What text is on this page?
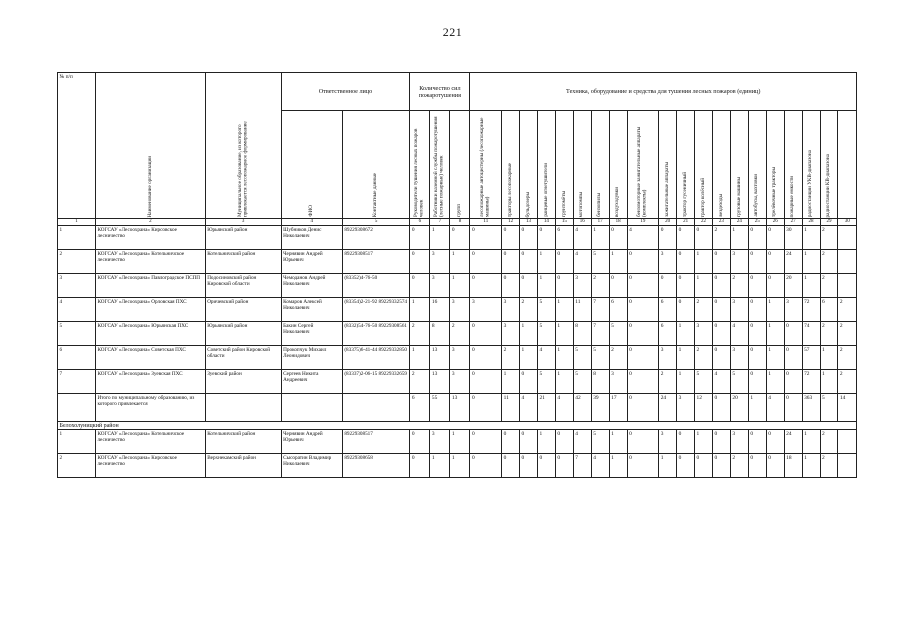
221
№ п/п	Наименование организации	Муниципальное образование, из которого привлекается лесопожарное формирование	Ответственное лицо		Количество сил пожаротушения			Техника, оборудование и средства для тушения лесных пожаров (единиц)																			

			ФИО	Контактные данные	Руководители тушения лесных пожаров человек	Работники наземной службы пожаротушения (лесные пожарные) человек	групп	лесопожарные автоцистерны (лесопожарные машины)	тракторы лесопожарные	бульдозеры	ранцевые огнетушители	грунтомёты	мотопомпы	бензопилы	воздуходувки	бензомоторные зажигательные аппараты (комплекты)	зажигательные аппараты	трактор гусеничный	трактор колёсный	вездеходы	грузовые машины	автобусы, вахтовки	трелёвочные тракторы	пожарные емкости	радиостанции УКВ-диапазона	радиостанции КВ-диапазона	

1	2	3	4	5	6	7	8	11	12	13	14	15	16	17	18	19	20	21	22	23	24	25	26	27	28	29	30
1	КОГСАУ «Лесоохрана» Кирсовское лесничество	Юрьянский район	Шубников Денис Николаевич	89229308672	0	1	0	0	0	0	0	6	4	1	0	4	0	0	0	2	1	0	0	30	1	2	
2	КОГСАУ «Лесоохрана» Котельничское лесничество	Котельничский район	Чернявин Андрей Юрьевич	89229308517	0	3	1	0	0	0	1	0	4	5	1	0	3	0	1	0	3	0	0	24	1	2	
3	КОГСАУ «Лесоохрана» Павлоградское ПСПП	Подосиновский район Кировской области	Чемоданов Андрей Николаевич	(83352)4-76-50	0	3	1	0	0	0	1	0	3	2	0	0	0	0	1	0	2	0	0	20	1	2	
4	КОГСАУ «Лесоохрана» Орловская ПХС	Оричевский район	Комаров Алексей Николаевич	(83354)2-21-92 89229332574	1	16	3	3	3	2	5	1	11	7	6	0	6	0	2	0	3	0	1	3	72	6	2
5	КОГСАУ «Лесоохрана» Юрьянская ПХС	Юрьянский район	Бакин Сергей Николаевич	(8332)54-76-50 89229308561	2	8	2	0	3	1	5	1	8	7	5	0	6	1	3	0	4	0	1	0	74	2	2
6	КОГСАУ «Лесоохрана» Советская ПХС	Советский район Кировской области	Прокопчук Михаил Леонидович	(83375)6-41-44 89229332850	1	13	3	0	2	1	4	1	5	5	2	0	3	1	2	0	3	0	1	0	57	1	2
7	КОГСАУ «Лесоохрана» Зуевская ПХС	Зуевский район	Сергеев Никита Андреевич	(83337)2-06-15 89229332659	2	13	3	0	1	0	5	1	5	8	3	0	2	1	5	4	5	0	1	0	72	1	2
	Итого по муниципальному образованию, из которого привлекается				6	55	13	0	11	4	21	4	42	39	17	0	24	3	12	0	20	1	4	0	363	5	14
Белохолуницкий район																											
1	КОГСАУ «Лесоохрана» Котельничское лесничество	Котельничский район	Чернявин Андрей Юрьевич	89229308517	0	3	1	0	0	0	1	0	4	5	1	0	3	0	1	0	3	0	0	24	1	2	
2	КОГСАУ «Лесоохрана» Кирсовское лесничество	Верхнекамский район	Сысоратин Владимир Николаевич	89229308658	0	1	1	0	0	0	0	0	7	4	1	0	1	0	0	0	2	0	0	18	1	2	
